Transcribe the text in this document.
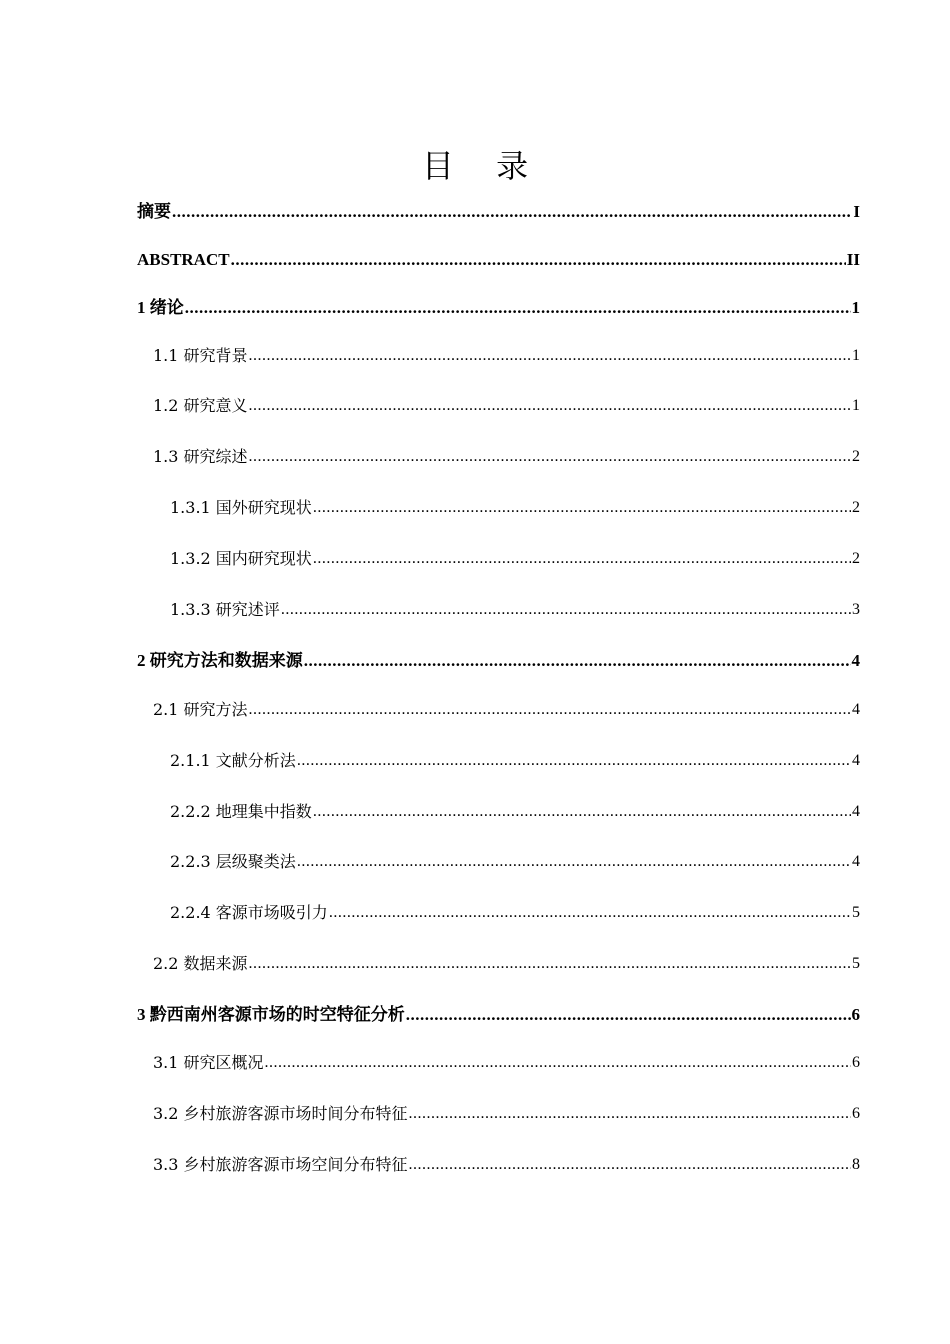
目 录
摘要 .....	I
ABSTRACT .....	II
1 绪论 .....	1
1.1 研究背景 .....	1
1.2 研究意义 .....	1
1.3 研究综述 .....	2
1.3.1 国外研究现状 .....	2
1.3.2 国内研究现状 .....	2
1.3.3 研究述评 .....	3
2 研究方法和数据来源 .....	4
2.1 研究方法 .....	4
2.1.1 文献分析法 .....	4
2.2.2 地理集中指数 .....	4
2.2.3 层级聚类法 .....	4
2.2.4 客源市场吸引力 .....	5
2.2 数据来源 .....	5
3 黔西南州客源市场的时空特征分析 .....	6
3.1 研究区概况 .....	6
3.2 乡村旅游客源市场时间分布特征 .....	6
3.3 乡村旅游客源市场空间分布特征 .....	8
